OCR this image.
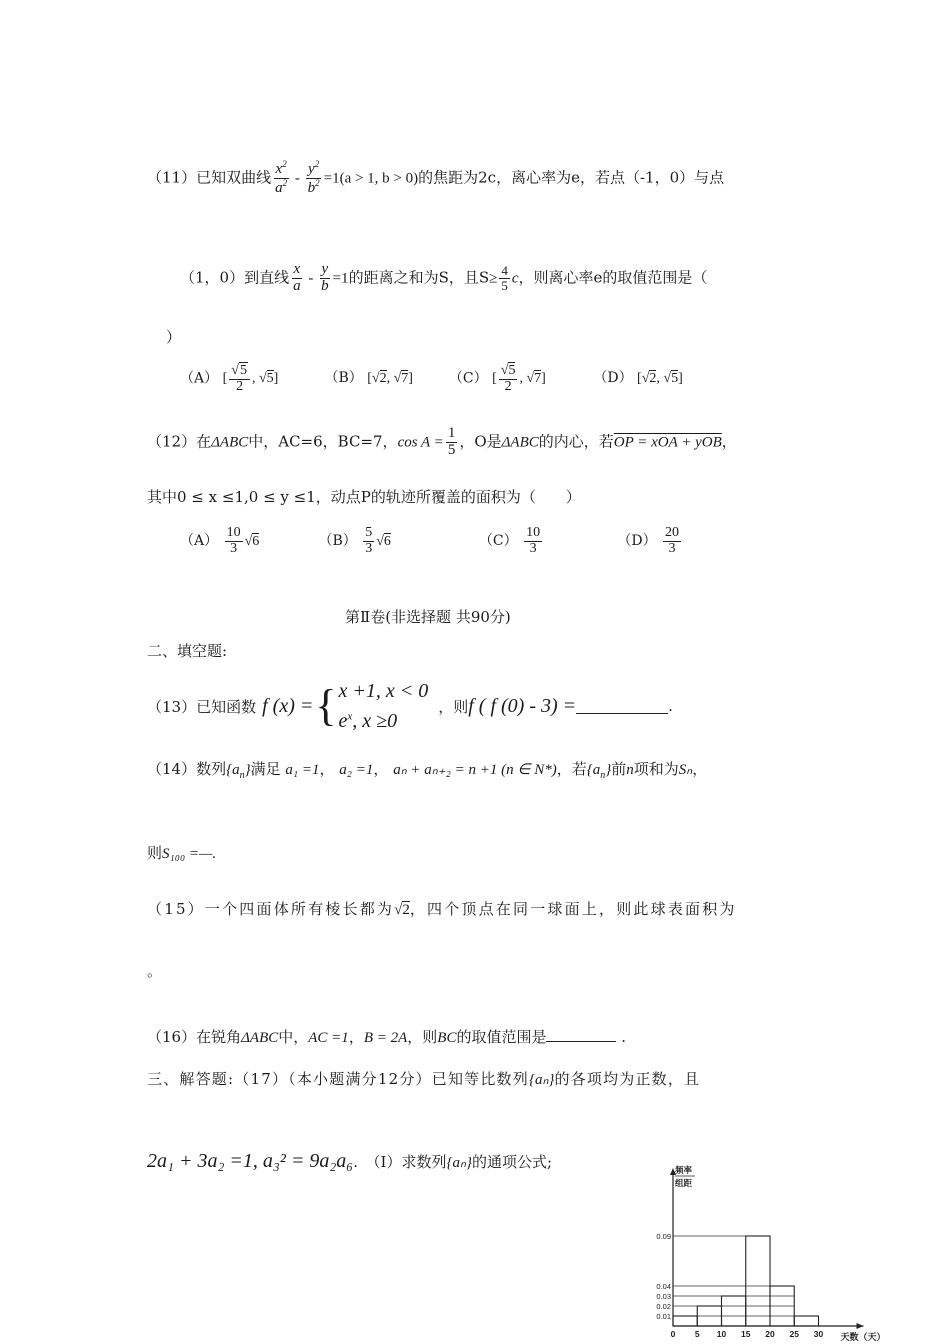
（11）已知双曲线 $\frac{x^2}{a^2} - \frac{y^2}{b^2} =1(a > 1$, b > 0)的焦距为2c，离心率为e，若点（-1，0）与点
（1，0）到直线 $\frac{x}{a} - \frac{y}{b} =1$的距离之和为S，且$S\ge \frac{4}{5}$ c，则离心率e的取值范围是（
）
（A） [ $\frac{√5}{2}$ , √5]	（B） [√2, √7]	（C） [ $\frac{√5}{2}$ , √7]	（D） [√2, √5]
（12）在ΔABC中，AC=6，BC=7，$\cos A = \frac{1}{5}$ ，O是ΔABC的内心，若OP = xOA + yOB，
其中0 ≤ x ≤1,0 ≤ y ≤1，动点P的轨迹所覆盖的面积为（　　）
$(A) \frac{10}{3} √6$	$(B) \frac{5}{3} √6$	$(C) \frac{10}{3}$	$(D) \frac{20}{3}$
第Ⅱ卷(非选择题 共90分)
二、填空题:
（13） 已知函数 f (x) = { x +1, x < 0
$e^x$, x ≥0
，则 f ( f (0) - 3) =	.
（14）数列$\{a_n\}$满足 a₁ =1， a₂ =1， aₙ + aₙ₊₂ = n +1 (n ∈ N*)，若$\{a_n\}$前n项和为Sₙ，
则S₁₀₀ =—.
（15）一个四面体所有棱长都为√2，四个顶点在同一球面上，则此球表面积为
。
（16）在锐角ΔABC中，AC =1，B = 2A，则BC的取值范围是	.
三、解答题:（17）（本小题满分12分）已知等比数列{aₙ}的各项均为正数，且
2a₁ + 3a₂ =1, a₃² = 9a₂a₆.　 （Ⅰ）求数列{aₙ}的通项公式;
0.09
0.04
0.03
0.02
0.01
0 5 10 15 20 25 30
频率
组距
天数（天）
